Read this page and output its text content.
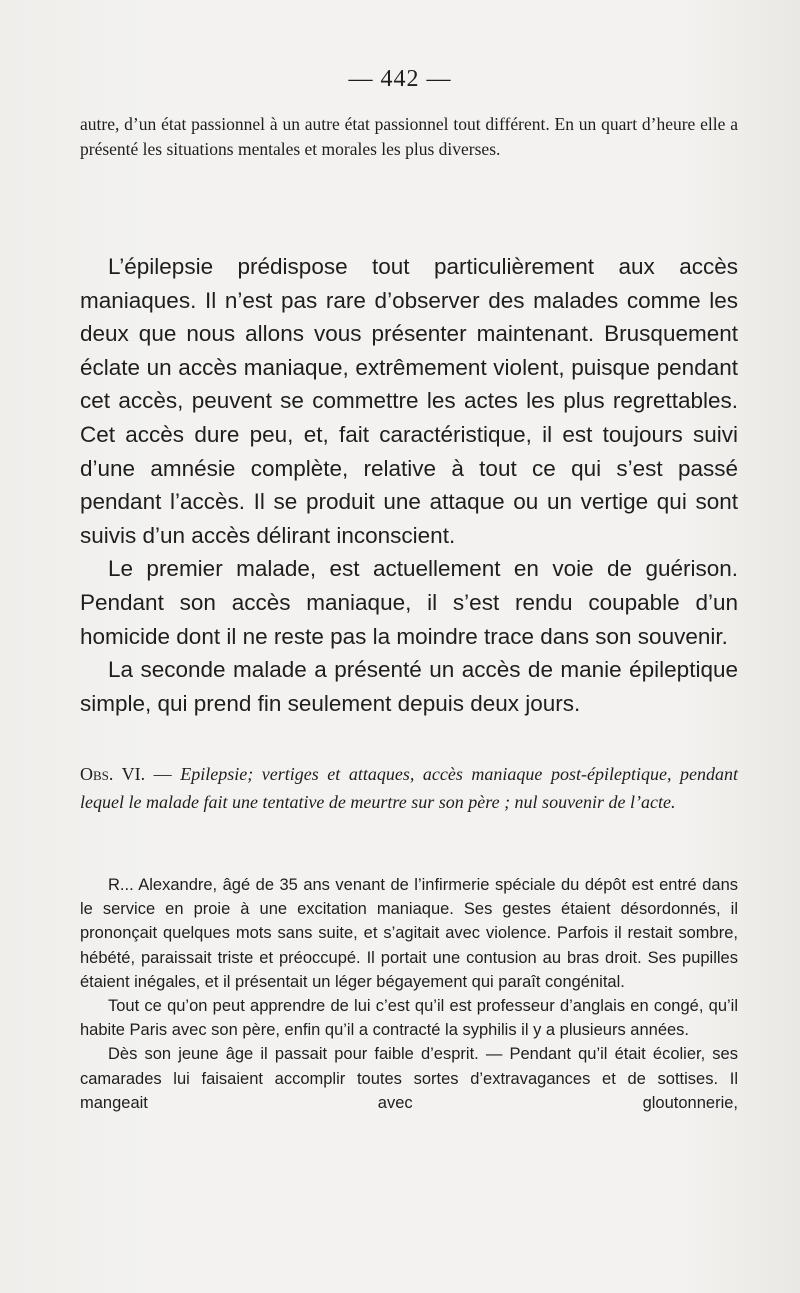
— 442 —

autre, d’un état passionnel à un autre état passionnel tout différent. En un quart d’heure elle a présenté les situations mentales et morales les plus diverses.

L’épilepsie prédispose tout particulièrement aux accès maniaques. Il n’est pas rare d’observer des malades comme les deux que nous allons vous présenter maintenant. Brusquement éclate un accès maniaque, extrêmement violent, puisque pendant cet accès, peuvent se commettre les actes les plus regrettables. Cet accès dure peu, et, fait caractéristique, il est toujours suivi d’une amnésie complète, relative à tout ce qui s’est passé pendant l’accès. Il se produit une attaque ou un vertige qui sont suivis d’un accès délirant inconscient.

Le premier malade, est actuellement en voie de guérison. Pendant son accès maniaque, il s’est rendu coupable d’un homicide dont il ne reste pas la moindre trace dans son souvenir.

La seconde malade a présenté un accès de manie épileptique simple, qui prend fin seulement depuis deux jours.

Obs. VI. — Epilepsie; vertiges et attaques, accès maniaque post-épileptique, pendant lequel le malade fait une tentative de meurtre sur son père ; nul souvenir de l’acte.

R... Alexandre, âgé de 35 ans venant de l’infirmerie spéciale du dépôt est entré dans le service en proie à une excitation maniaque. Ses gestes étaient désordonnés, il prononçait quelques mots sans suite, et s’agitait avec violence. Parfois il restait sombre, hébété, paraissait triste et préoccupé. Il portait une contusion au bras droit. Ses pupilles étaient inégales, et il présentait un léger bégayement qui paraît congénital.

Tout ce qu’on peut apprendre de lui c’est qu’il est professeur d’anglais en congé, qu’il habite Paris avec son père, enfin qu’il a contracté la syphilis il y a plusieurs années.

Dès son jeune âge il passait pour faible d’esprit. — Pendant qu’il était écolier, ses camarades lui faisaient accomplir toutes sortes d’extravagances et de sottises. Il mangeait avec gloutonnerie,
